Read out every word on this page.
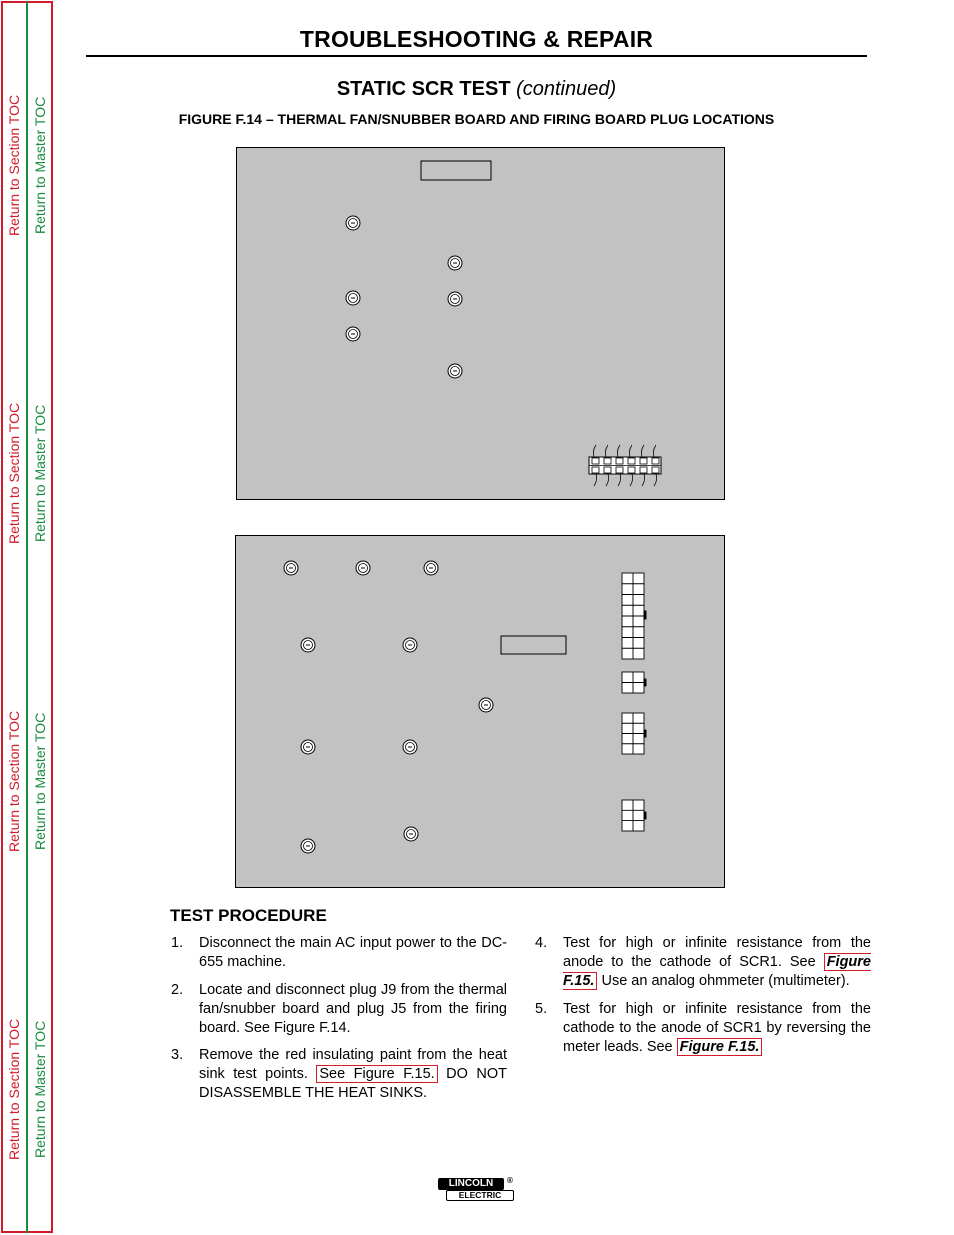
Return to Section TOC Return to Master TOC
Return to Section TOC Return to Master TOC
Return to Section TOC Return to Master TOC
Return to Section TOC Return to Master TOC
TROUBLESHOOTING & REPAIR
STATIC SCR TEST (continued)
FIGURE F.14 – THERMAL FAN/SNUBBER BOARD AND FIRING BOARD PLUG LOCATIONS
TEST PROCEDURE
1. Disconnect the main AC input power to the DC-655 machine.
2. Locate and disconnect plug J9 from the thermal fan/snubber board and plug J5 from the firing board. See Figure F.14.
3. Remove the red insulating paint from the heat sink test points. See Figure F.15. DO NOT DISASSEMBLE THE HEAT SINKS.
4. Test for high or infinite resistance from the anode to the cathode of SCR1. See Figure F.15. Use an analog ohmmeter (multimeter).
5. Test for high or infinite resistance from the cathode to the anode of SCR1 by reversing the meter leads. See Figure F.15.
LINCOLN
ELECTRIC
®
